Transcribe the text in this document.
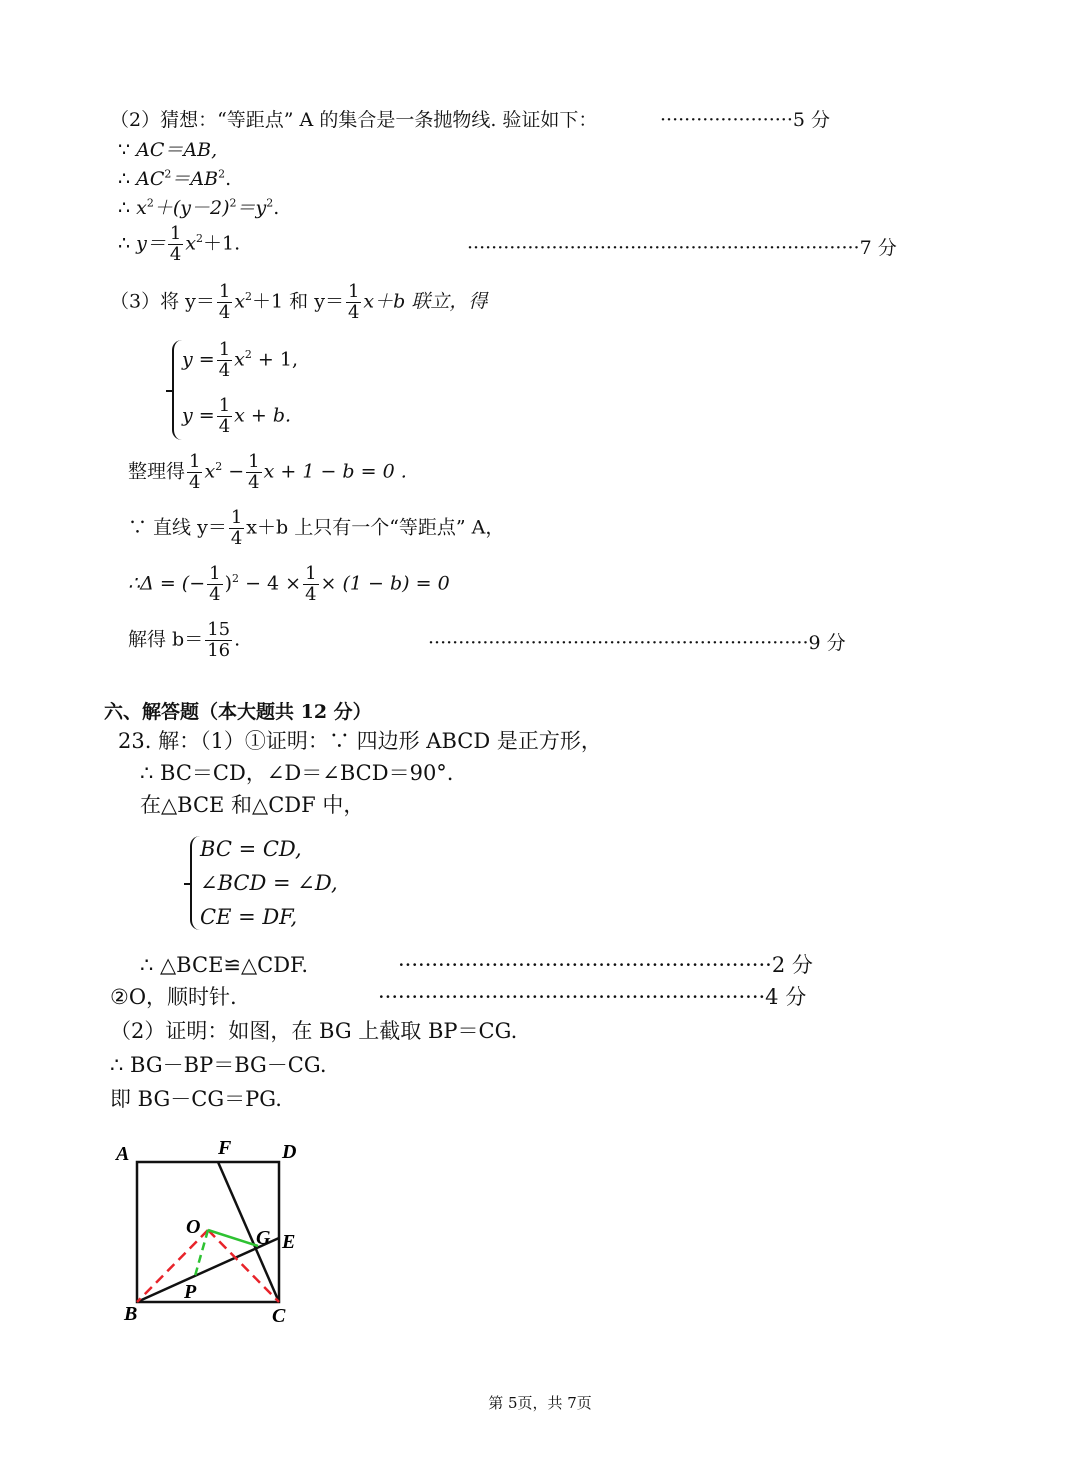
（2）猜想：“等距点” A 的集合是一条抛物线. 验证如下：	······················5 分
∵ AC＝AB,
∴ $AC^2=AB^2$.
∴ $x^2+(y-2)^2=y^2$.
∴ $y= \frac{1}{4} x^2+1$.	·································································7 分
（3）将 $y= \frac{1}{4} x^2+1$ 和 $y= \frac{1}{4} x+b$ 联立，得
$y = \frac{1}{4} x^2 + 1$,
$y = \frac{1}{4}$ x + b.
整理得 $\frac{1}{4} x^2 - \frac{1}{4}$ x + 1 − b = 0 .
∵ 直线 $y= \frac{1}{4} x+b$ 上只有一个“等距点” A，
∴Δ = (− $\frac{1}{4} )^2 - 4 \times \frac{1}{4} \times (1 - b) = 0$
解得 $b= \frac{15}{16}$ .	·······························································9 分
六、解答题（本大题共 12 分）
23. 解：（1）①证明：∵ 四边形 ABCD 是正方形，
∴ BC＝CD，∠D＝∠BCD＝90°.
在△BCE 和△CDF 中，
BC = CD,
∠BCD = ∠D,
CE = DF,
∴ △BCE≌△CDF.	························································2 分
②O，顺时针.	··························································4 分
（2）证明：如图，在 BG 上截取 BP＝CG.
∴ BG－BP＝BG－CG.
即 BG－CG＝PG.
A	F	D
O	G E
P
B	C
第 5页，共 7页
